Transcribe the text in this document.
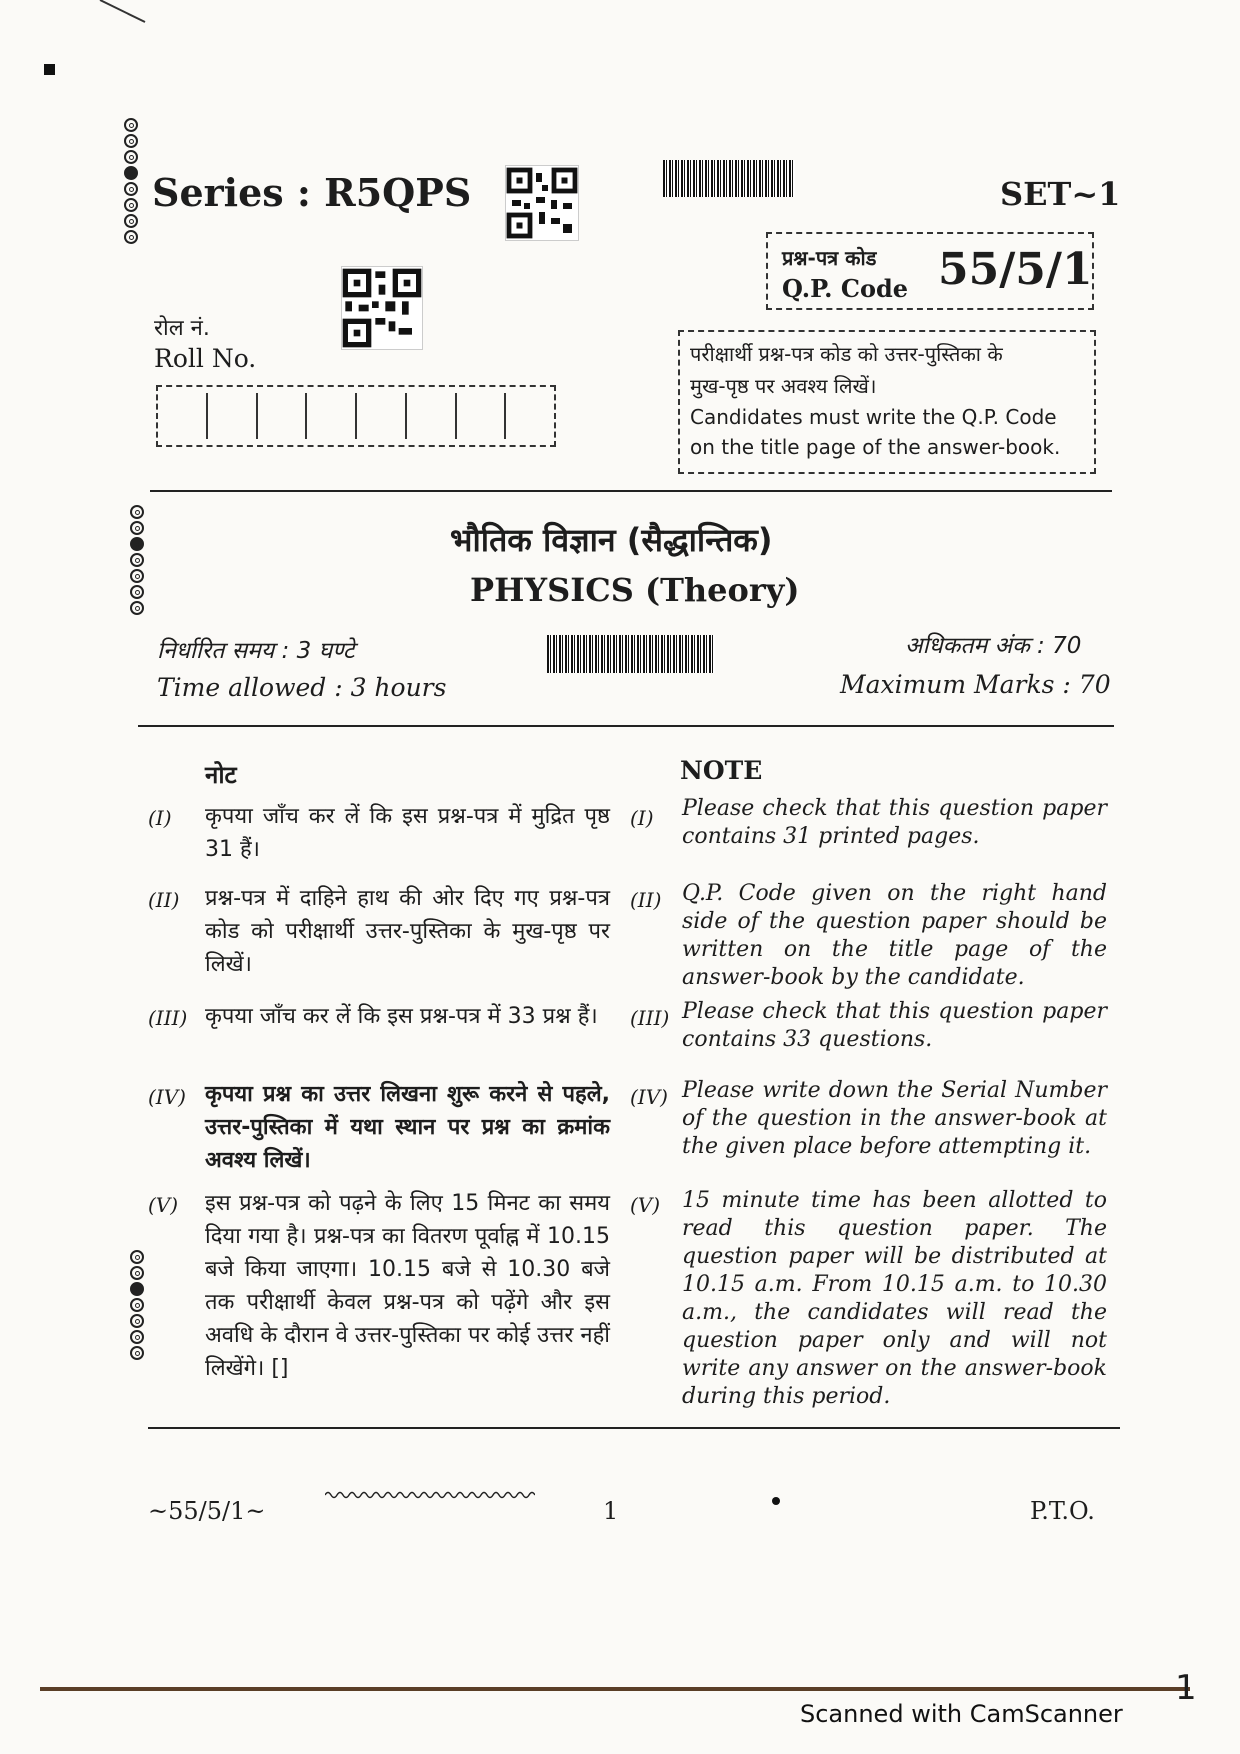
Series : R5QPS	SET~1
प्रश्न-पत्र कोड
Q.P. Code 55/5/1
रोल नं.
Roll No.	परीक्षार्थी प्रश्न-पत्र कोड को उत्तर-पुस्तिका के
मुख-पृष्ठ पर अवश्य लिखें।
Candidates must write the Q.P. Code
on the title page of the answer-book.
भौतिक विज्ञान (सैद्धान्तिक)
PHYSICS (Theory)
निर्धारित समय : 3 घण्टे
Time allowed : 3 hours
अधिकतम अंक : 70
Maximum Marks : 70
नोट	NOTE
(I) कृपया जाँच कर लें कि इस प्रश्न-पत्र में मुद्रित पृष्ठ 31 हैं।
(I) Please check that this question paper contains 31 printed pages.
(II) प्रश्न-पत्र में दाहिने हाथ की ओर दिए गए प्रश्न-पत्र कोड को परीक्षार्थी उत्तर-पुस्तिका के मुख-पृष्ठ पर लिखें।
(II) Q.P. Code given on the right hand side of the question paper should be written on the title page of the answer-book by the candidate.
(III) कृपया जाँच कर लें कि इस प्रश्न-पत्र में 33 प्रश्न हैं।	(III) Please check that this question paper contains 33 questions.
(IV) कृपया प्रश्न का उत्तर लिखना शुरू करने से पहले, उत्तर-पुस्तिका में यथा स्थान पर प्रश्न का क्रमांक अवश्य लिखें।
(IV) Please write down the Serial Number of the question in the answer-book at the given place before attempting it.
(V) इस प्रश्न-पत्र को पढ़ने के लिए 15 मिनट का समय दिया गया है। प्रश्न-पत्र का वितरण पूर्वाह्न में 10.15 बजे किया जाएगा। 10.15 बजे से 10.30 बजे तक परीक्षार्थी केवल प्रश्न-पत्र को पढ़ेंगे और इस अवधि के दौरान वे उत्तर-पुस्तिका पर कोई उत्तर नहीं लिखेंगे। []
(V) 15 minute time has been allotted to read this question paper. The question paper will be distributed at 10.15 a.m. From 10.15 a.m. to 10.30 a.m., the candidates will read the question paper only and will not write any answer on the answer-book during this period.
~55/5/1~	1	P.T.O.
1
Scanned with CamScanner
